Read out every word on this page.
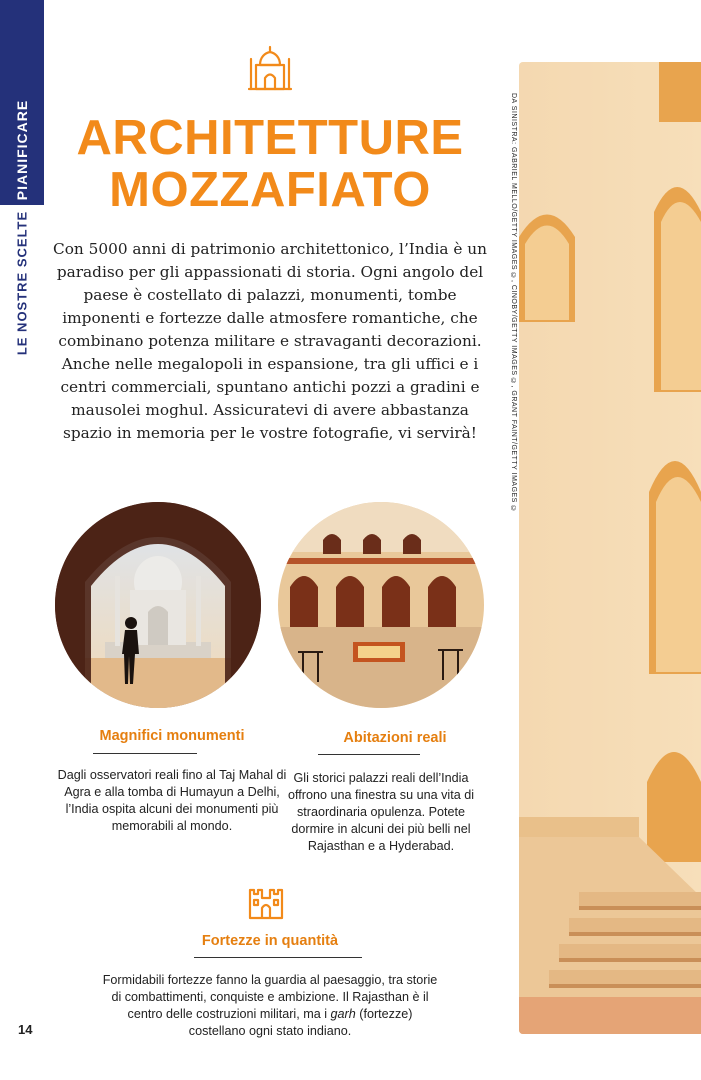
PIANIFICARE
LE NOSTRE SCELTE	DA SINISTRA: GABRIEL MELLO/GETTY IMAGES ©, CINOBY/GETTY IMAGES ©, GRANT FAINT/GETTY IMAGES ©
ARCHITETTURE
MOZZAFIATO

Con 5000 anni di patrimonio architettonico, l’India è un paradiso per gli appassionati di storia. Ogni angolo del paese è costellato di palazzi, monumenti, tombe imponenti e fortezze dalle atmosfere romantiche, che combinano potenza militare e stravaganti decorazioni. Anche nelle megalopoli in espansione, tra gli uffici e i centri commerciali, spuntano antichi pozzi a gradini e mausolei moghul. Assicuratevi di avere abbastanza spazio in memoria per le vostre fotografie, vi servirà!

Magnifici monumenti

Dagli osservatori reali fino al Taj Mahal di Agra e alla tomba di Humayun a Delhi, l’India ospita alcuni dei monumenti più memorabili al mondo.

Abitazioni reali

Gli storici palazzi reali dell’India offrono una finestra su una vita di straordinaria opulenza. Potete dormire in alcuni dei più belli nel Rajasthan e a Hyderabad.

Fortezze in quantità

Formidabili fortezze fanno la guardia al paesaggio, tra storie di combattimenti, conquiste e ambizione. Il Rajasthan è il centro delle costruzioni militari, ma i garh (fortezze) costellano ogni stato indiano.

14
